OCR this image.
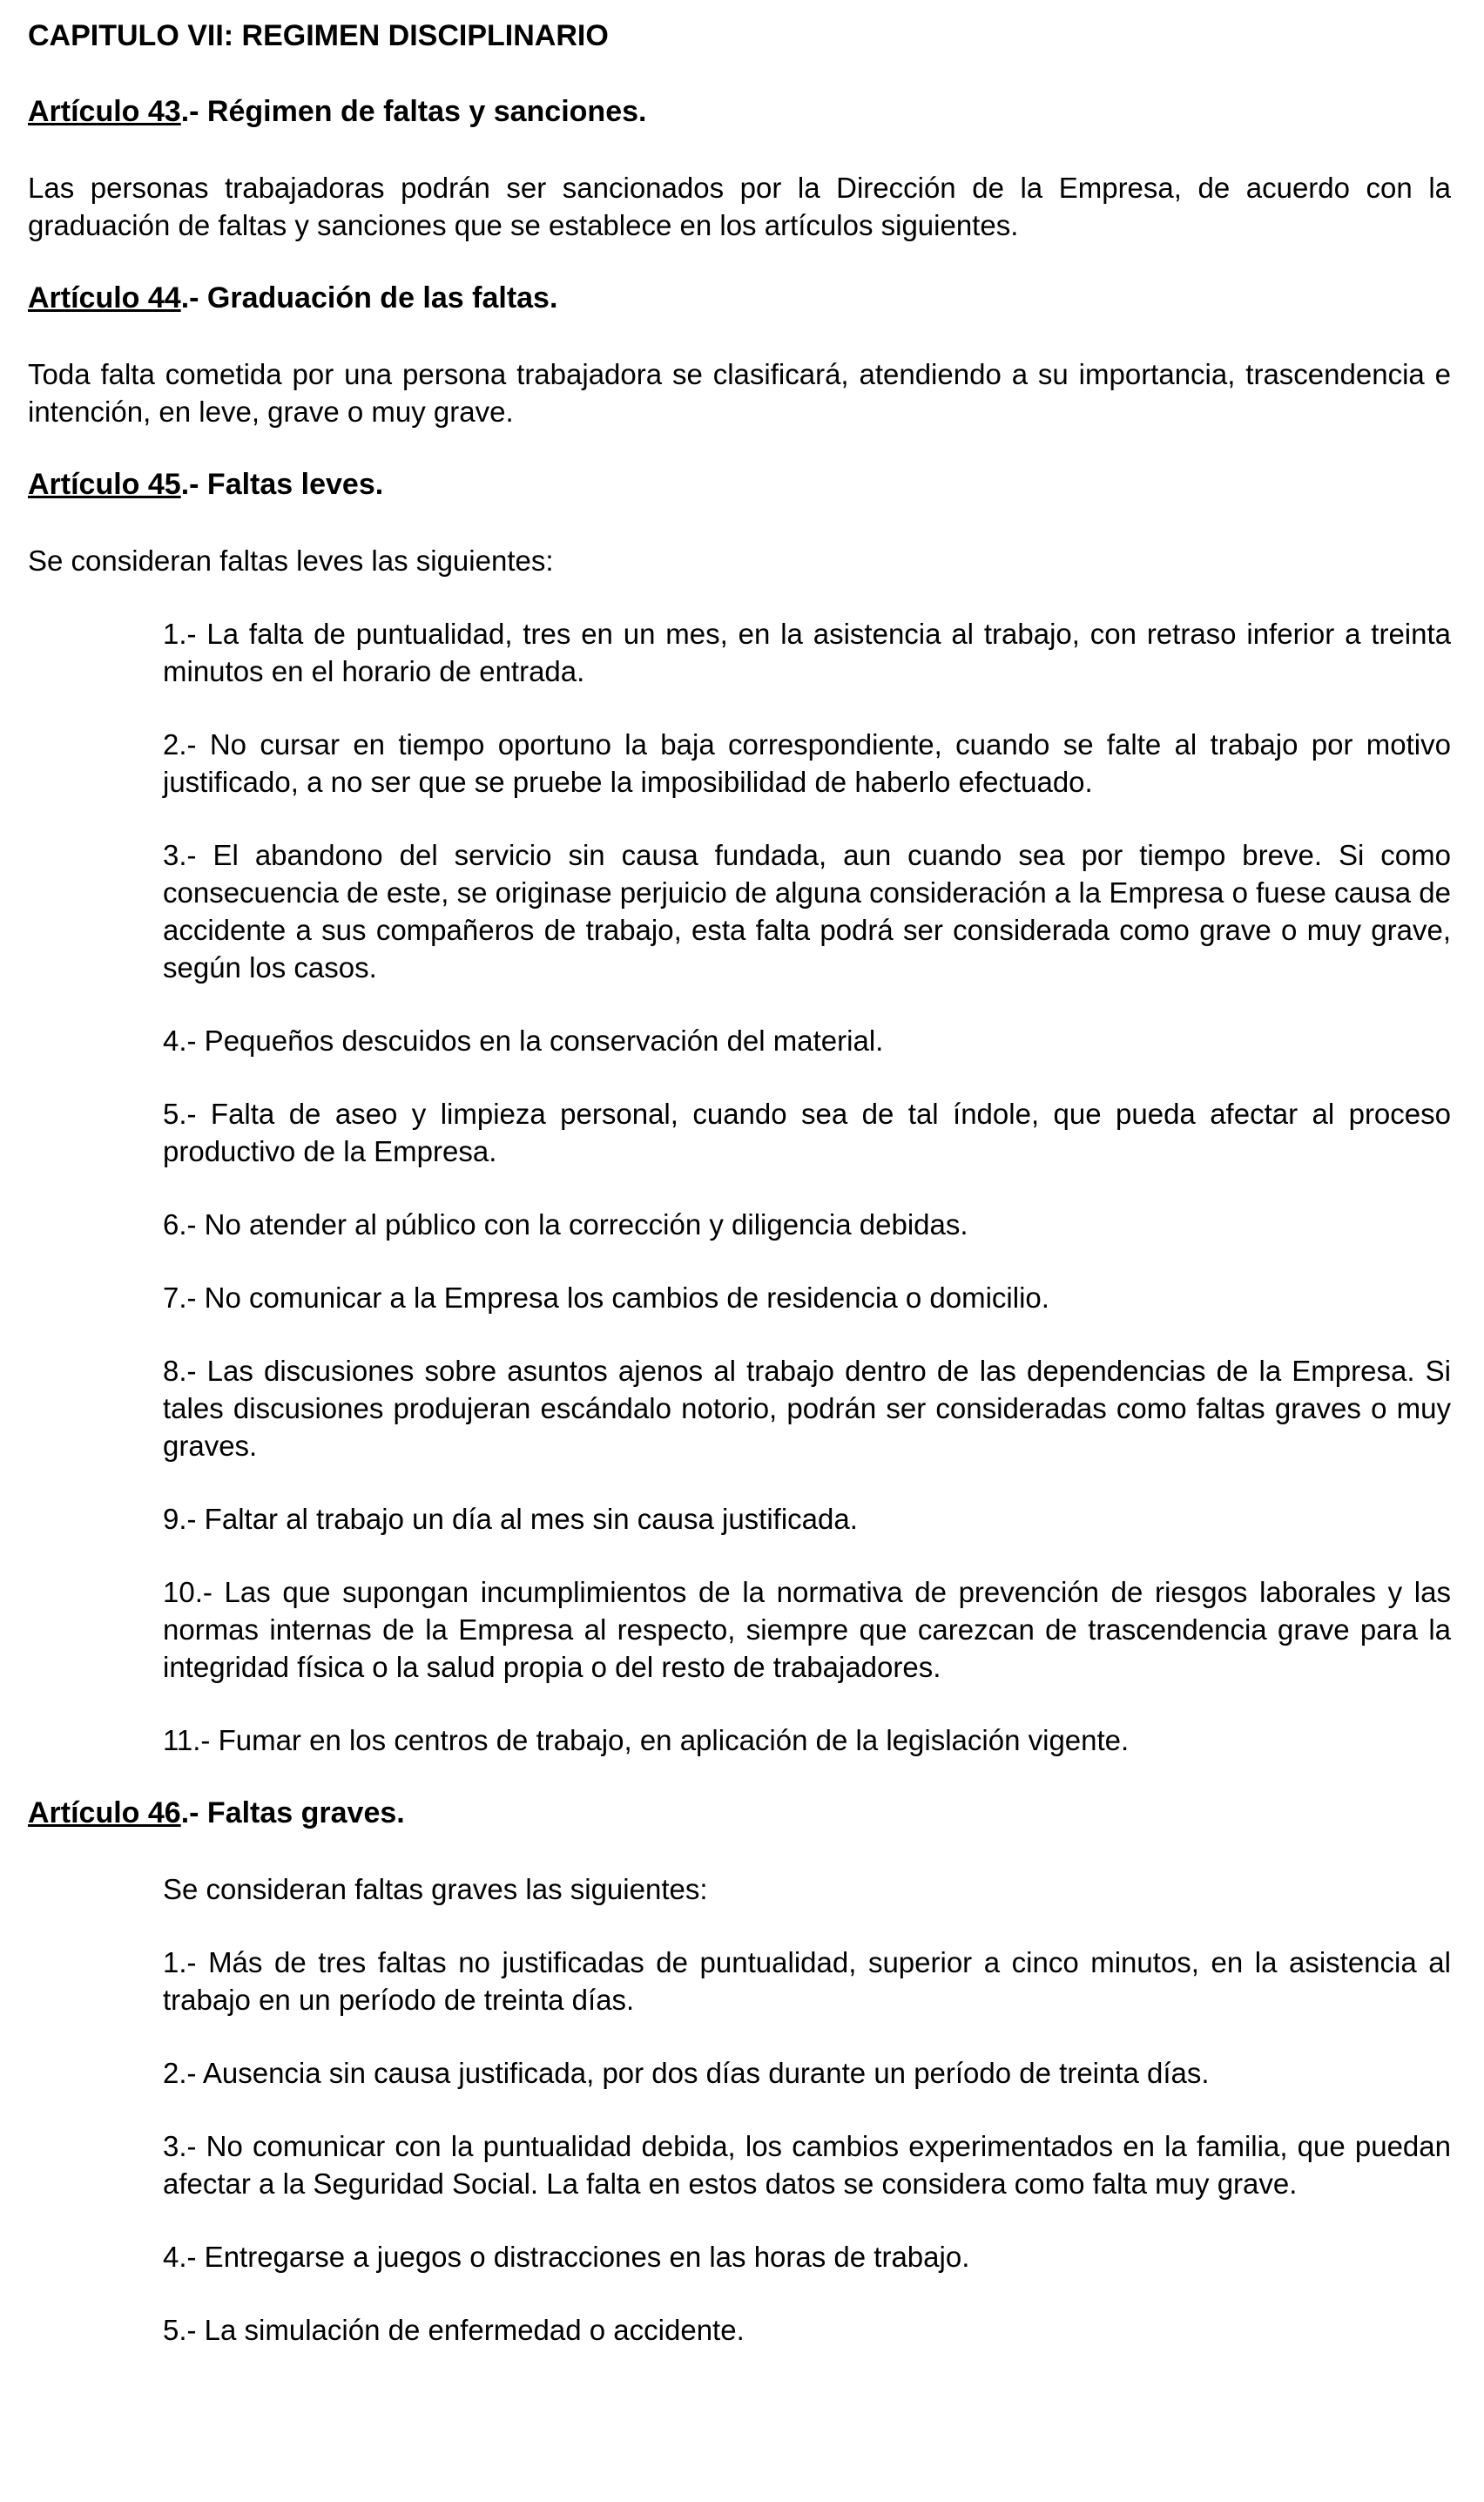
CAPITULO VII: REGIMEN DISCIPLINARIO
Artículo 43.- Régimen de faltas y sanciones.

Las personas trabajadoras podrán ser sancionados por la Dirección de la Empresa, de acuerdo con la graduación de faltas y sanciones que se establece en los artículos siguientes.

Artículo 44.- Graduación de las faltas.

Toda falta cometida por una persona trabajadora se clasificará, atendiendo a su importancia, trascendencia e intención, en leve, grave o muy grave.

Artículo 45.- Faltas leves.

Se consideran faltas leves las siguientes:

1.- La falta de puntualidad, tres en un mes, en la asistencia al trabajo, con retraso inferior a treinta minutos en el horario de entrada.

2.- No cursar en tiempo oportuno la baja correspondiente, cuando se falte al trabajo por motivo justificado, a no ser que se pruebe la imposibilidad de haberlo efectuado.

3.- El abandono del servicio sin causa fundada, aun cuando sea por tiempo breve. Si como consecuencia de este, se originase perjuicio de alguna consideración a la Empresa o fuese causa de accidente a sus compañeros de trabajo, esta falta podrá ser considerada como grave o muy grave, según los casos.

4.- Pequeños descuidos en la conservación del material.

5.- Falta de aseo y limpieza personal, cuando sea de tal índole, que pueda afectar al proceso productivo de la Empresa.

6.- No atender al público con la corrección y diligencia debidas.

7.- No comunicar a la Empresa los cambios de residencia o domicilio.

8.- Las discusiones sobre asuntos ajenos al trabajo dentro de las dependencias de la Empresa. Si tales discusiones produjeran escándalo notorio, podrán ser consideradas como faltas graves o muy graves.

9.- Faltar al trabajo un día al mes sin causa justificada.

10.- Las que supongan incumplimientos de la normativa de prevención de riesgos laborales y las normas internas de la Empresa al respecto, siempre que carezcan de trascendencia grave para la integridad física o la salud propia o del resto de trabajadores.

11.- Fumar en los centros de trabajo, en aplicación de la legislación vigente.

Artículo 46.- Faltas graves.

Se consideran faltas graves las siguientes:

1.- Más de tres faltas no justificadas de puntualidad, superior a cinco minutos, en la asistencia al trabajo en un período de treinta días.

2.- Ausencia sin causa justificada, por dos días durante un período de treinta días.

3.- No comunicar con la puntualidad debida, los cambios experimentados en la familia, que puedan afectar a la Seguridad Social. La falta en estos datos se considera como falta muy grave.

4.- Entregarse a juegos o distracciones en las horas de trabajo.

5.- La simulación de enfermedad o accidente.
